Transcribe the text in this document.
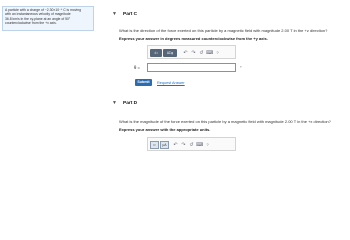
A particle with a charge of −2.30×10⁻⁸ C is moving
with an instantaneous velocity of magnitude
36.8 km/s in the xy-plane at an angle of 50°
counterclockwise from the +x axis.
▼ Part C
What is the direction of the force exerted on this particle by a magnetic field with magnitude 2.00 T in the +z direction?
Express your answer in degrees measured counterclockwise from the +y axis.
√□	AΣφ	↶ ↷ ↺ ⌨ ?
θ =	°
Submit	Request Answer
▼ Part D
What is the magnitude of the force exerted on this particle by a magnetic field with magnitude 2.00 T in the +x direction?
Express your answer with the appropriate units.
□▫	μA	↶ ↷ ↺ ⌨ ?
